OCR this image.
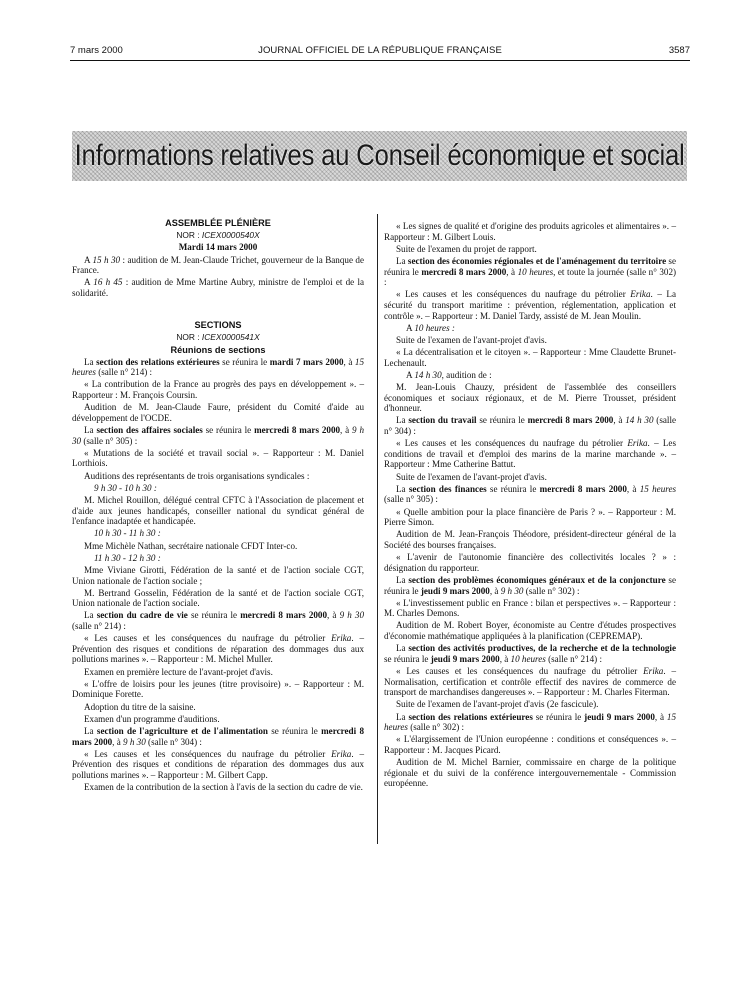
7 mars 2000	JOURNAL OFFICIEL DE LA RÉPUBLIQUE FRANÇAISE	3587
Informations relatives au Conseil économique et social

ASSEMBLÉE PLÉNIÈRE

NOR : ICEX0000540X

Mardi 14 mars 2000

A 15 h 30 : audition de M. Jean-Claude Trichet, gouverneur de la Banque de France.

A 16 h 45 : audition de Mme Martine Aubry, ministre de l'emploi et de la solidarité.

SECTIONS

NOR : ICEX0000541X

Réunions de sections

La section des relations extérieures se réunira le mardi 7 mars 2000, à 15 heures (salle n° 214) :

« La contribution de la France au progrès des pays en développement ». – Rapporteur : M. François Coursin.

Audition de M. Jean-Claude Faure, président du Comité d'aide au développement de l'OCDE.

La section des affaires sociales se réunira le mercredi 8 mars 2000, à 9 h 30 (salle n° 305) :

« Mutations de la société et travail social ». – Rapporteur : M. Daniel Lorthiois.

Auditions des représentants de trois organisations syndicales :

9 h 30 - 10 h 30 :

M. Michel Rouillon, délégué central CFTC à l'Association de placement et d'aide aux jeunes handicapés, conseiller national du syndicat général de l'enfance inadaptée et handicapée.

10 h 30 - 11 h 30 :

Mme Michèle Nathan, secrétaire nationale CFDT Inter-co.

11 h 30 - 12 h 30 :

Mme Viviane Girotti, Fédération de la santé et de l'action sociale CGT, Union nationale de l'action sociale ;

M. Bertrand Gosselin, Fédération de la santé et de l'action sociale CGT, Union nationale de l'action sociale.

La section du cadre de vie se réunira le mercredi 8 mars 2000, à 9 h 30 (salle n° 214) :

« Les causes et les conséquences du naufrage du pétrolier Erika. – Prévention des risques et conditions de réparation des dommages dus aux pollutions marines ». – Rapporteur : M. Michel Muller.

Examen en première lecture de l'avant-projet d'avis.

« L'offre de loisirs pour les jeunes (titre provisoire) ». – Rapporteur : M. Dominique Forette.

Adoption du titre de la saisine.

Examen d'un programme d'auditions.

La section de l'agriculture et de l'alimentation se réunira le mercredi 8 mars 2000, à 9 h 30 (salle n° 304) :

« Les causes et les conséquences du naufrage du pétrolier Erika. – Prévention des risques et conditions de réparation des dommages dus aux pollutions marines ». – Rapporteur : M. Gilbert Capp.

Examen de la contribution de la section à l'avis de la section du cadre de vie.

« Les signes de qualité et d'origine des produits agricoles et alimentaires ». – Rapporteur : M. Gilbert Louis.

Suite de l'examen du projet de rapport.

La section des économies régionales et de l'aménagement du territoire se réunira le mercredi 8 mars 2000, à 10 heures, et toute la journée (salle n° 302) :

« Les causes et les conséquences du naufrage du pétrolier Erika. – La sécurité du transport maritime : prévention, réglementation, application et contrôle ». – Rapporteur : M. Daniel Tardy, assisté de M. Jean Moulin.

A 10 heures :

Suite de l'examen de l'avant-projet d'avis.

« La décentralisation et le citoyen ». – Rapporteur : Mme Claudette Brunet-Lechenault.

A 14 h 30, audition de :

M. Jean-Louis Chauzy, président de l'assemblée des conseillers économiques et sociaux régionaux, et de M. Pierre Trousset, président d'honneur.

La section du travail se réunira le mercredi 8 mars 2000, à 14 h 30 (salle n° 304) :

« Les causes et les conséquences du naufrage du pétrolier Erika. – Les conditions de travail et d'emploi des marins de la marine marchande ». – Rapporteur : Mme Catherine Battut.

Suite de l'examen de l'avant-projet d'avis.

La section des finances se réunira le mercredi 8 mars 2000, à 15 heures (salle n° 305) :

« Quelle ambition pour la place financière de Paris ? ». – Rapporteur : M. Pierre Simon.

Audition de M. Jean-François Théodore, président-directeur général de la Société des bourses françaises.

« L'avenir de l'autonomie financière des collectivités locales ? » : désignation du rapporteur.

La section des problèmes économiques généraux et de la conjoncture se réunira le jeudi 9 mars 2000, à 9 h 30 (salle n° 302) :

« L'investissement public en France : bilan et perspectives ». – Rapporteur : M. Charles Demons.

Audition de M. Robert Boyer, économiste au Centre d'études prospectives d'économie mathématique appliquées à la planification (CEPREMAP).

La section des activités productives, de la recherche et de la technologie se réunira le jeudi 9 mars 2000, à 10 heures (salle n° 214) :

« Les causes et les conséquences du naufrage du pétrolier Erika. – Normalisation, certification et contrôle effectif des navires de commerce de transport de marchandises dangereuses ». – Rapporteur : M. Charles Fiterman.

Suite de l'examen de l'avant-projet d'avis (2e fascicule).

La section des relations extérieures se réunira le jeudi 9 mars 2000, à 15 heures (salle n° 302) :

« L'élargissement de l'Union européenne : conditions et conséquences ». – Rapporteur : M. Jacques Picard.

Audition de M. Michel Barnier, commissaire en charge de la politique régionale et du suivi de la conférence intergouvernementale - Commission européenne.
